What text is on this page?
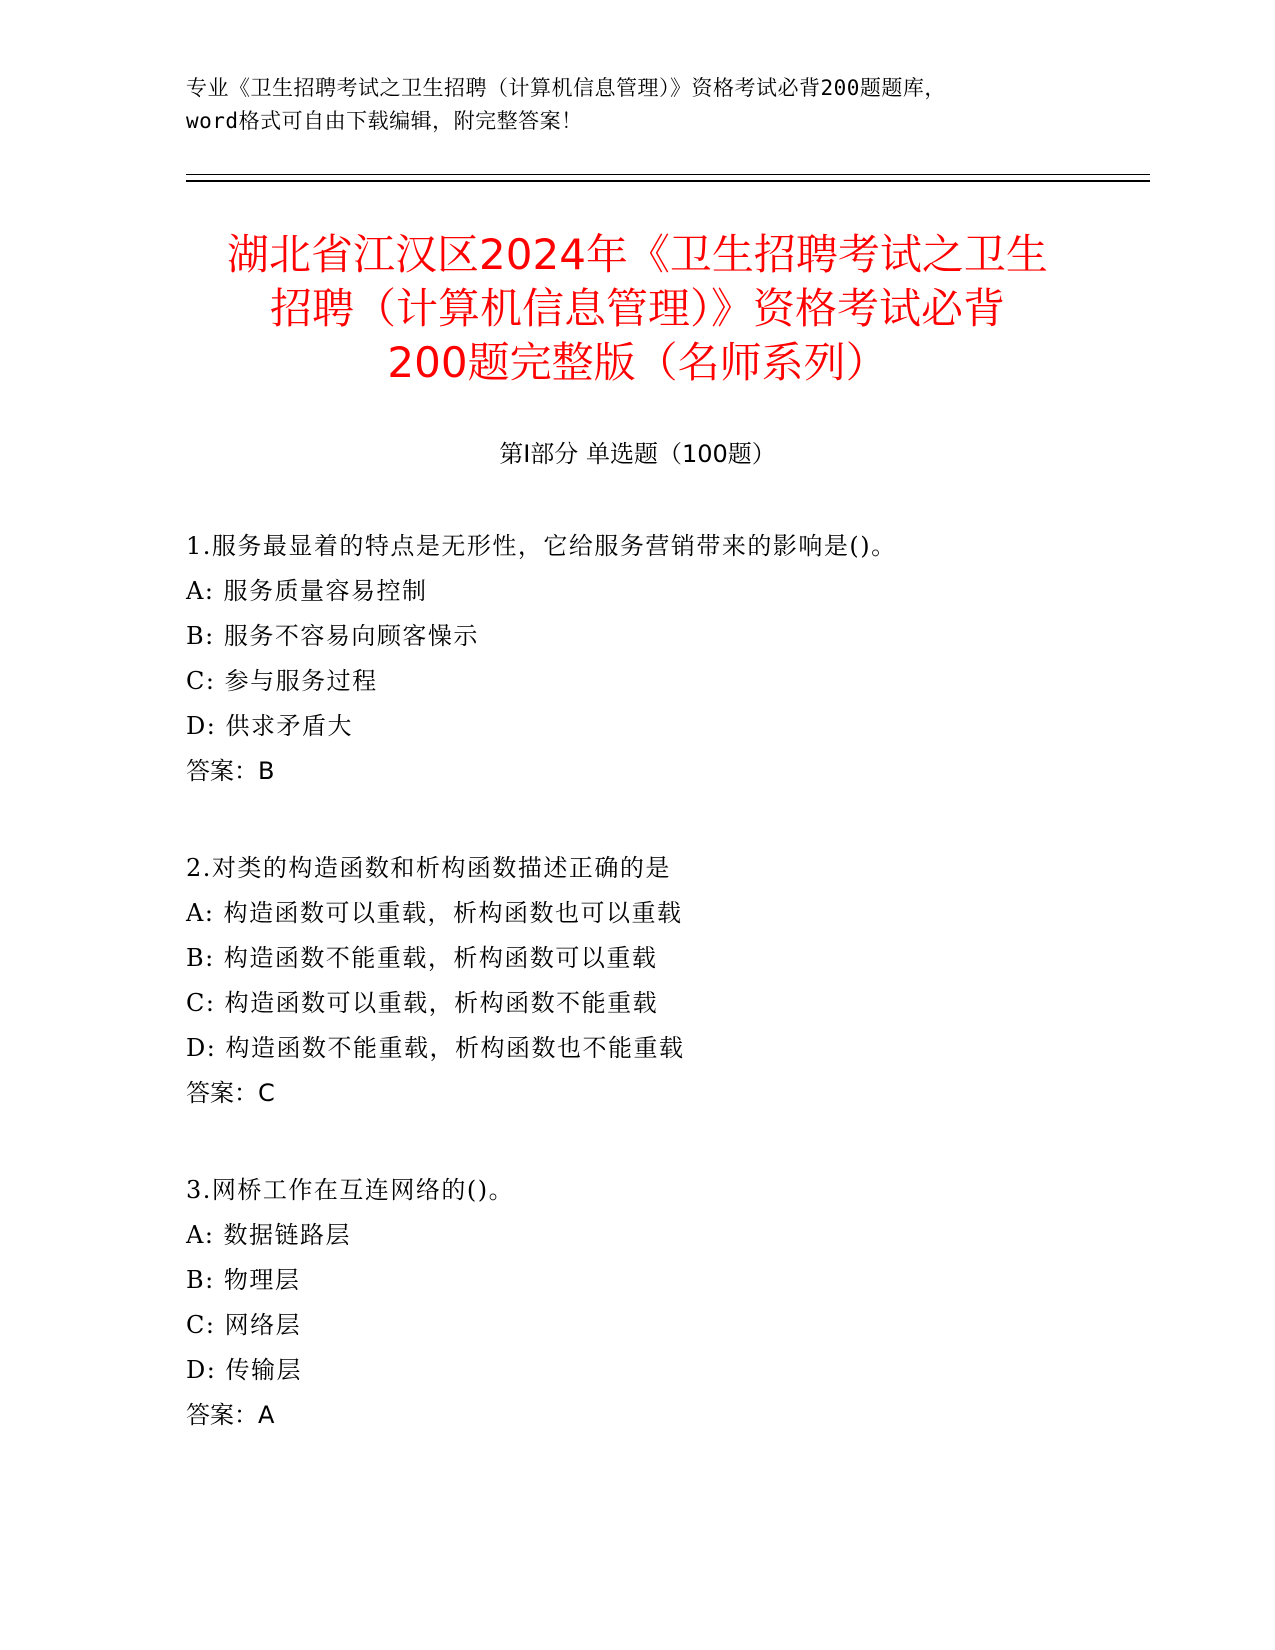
专业《卫生招聘考试之卫生招聘（计算机信息管理）》资格考试必背200题题库，
word格式可自由下载编辑，附完整答案！
湖北省江汉区2024年《卫生招聘考试之卫生
招聘（计算机信息管理）》资格考试必背
200题完整版（名师系列）
第Ⅰ部分 单选题（100题）
1.服务最显着的特点是无形性，它给服务营销带来的影响是()。
A: 服务质量容易控制
B: 服务不容易向顾客懆示
C: 参与服务过程
D: 供求矛盾大
答案：B
2.对类的构造函数和析构函数描述正确的是
A: 构造函数可以重载，析构函数也可以重载
B: 构造函数不能重载，析构函数可以重载
C: 构造函数可以重载，析构函数不能重载
D: 构造函数不能重载，析构函数也不能重载
答案：C
3.网桥工作在互连网络的()。
A: 数据链路层
B: 物理层
C: 网络层
D: 传输层
答案：A
